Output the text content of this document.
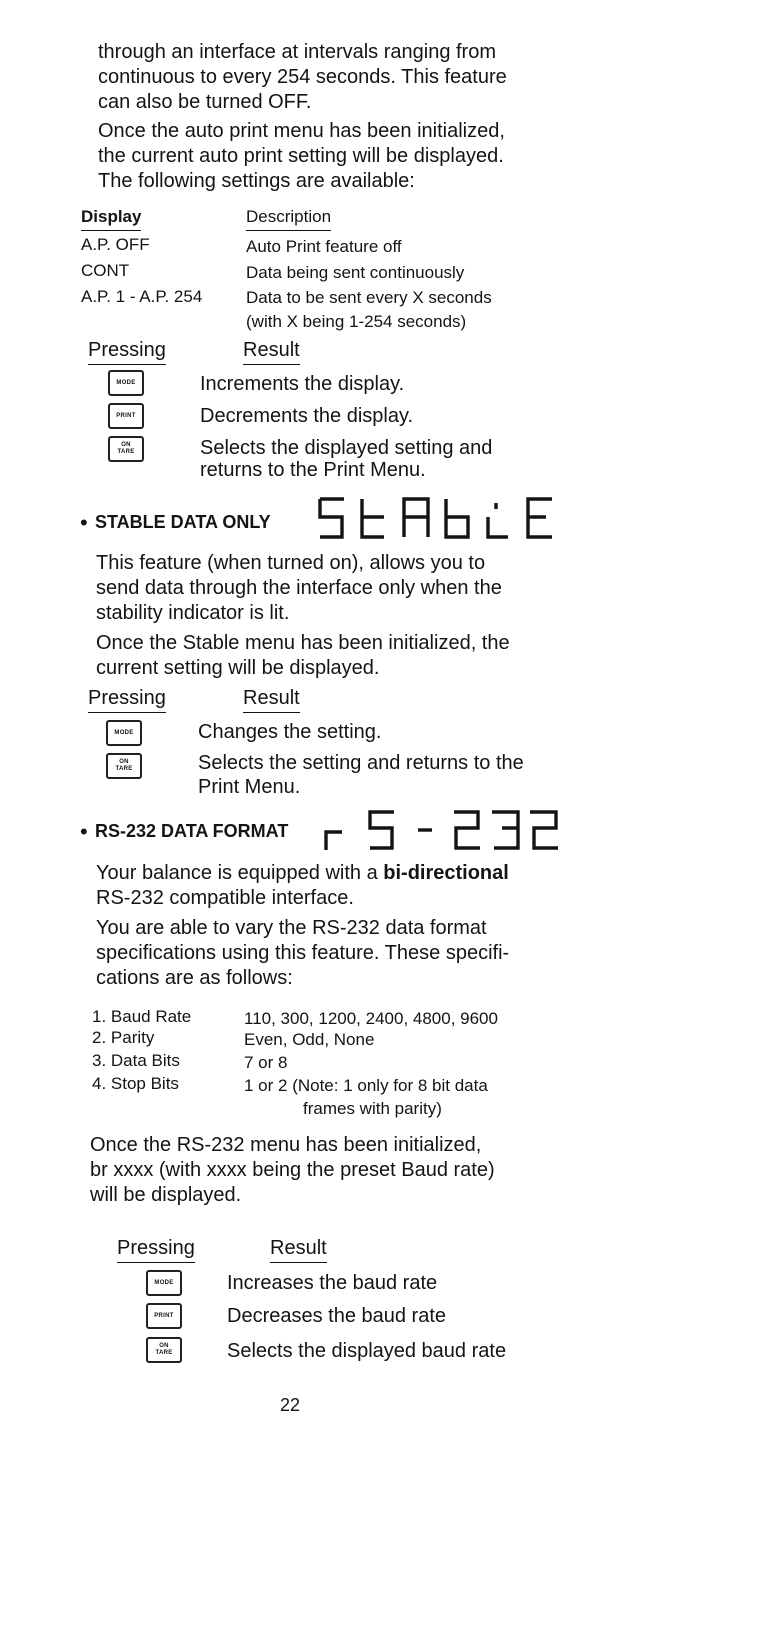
through an interface at intervals ranging from
continuous to every 254 seconds. This feature
can also be turned OFF.
Once the auto print menu has been initialized,
the current auto print setting will be displayed.
The following settings are available:
Display	Description
A.P. OFF	Auto Print feature off
CONT	Data being sent continuously
A.P. 1 - A.P. 254	Data to be sent every X seconds
(with X being 1-254 seconds)
Pressing	Result
MODE	Increments the display.
PRINT	Decrements the display.
ON
TARE	Selects the displayed setting and
returns to the Print Menu.
• STABLE DATA ONLY
This feature (when turned on), allows you to
send data through the interface only when the
stability indicator is lit.
Once the Stable menu has been initialized, the
current setting will be displayed.
Pressing	Result
MODE	Changes the setting.
ON
TARE	Selects the setting and returns to the
Print Menu.
• RS-232 DATA FORMAT
Your balance is equipped with a bi-directional
RS-232 compatible interface.
You are able to vary the RS-232 data format
specifications using this feature. These specifi-
cations are as follows:
1. Baud Rate	110, 300, 1200, 2400, 4800, 9600
2. Parity	Even, Odd, None
3. Data Bits	7 or 8
4. Stop Bits	1 or 2 (Note: 1 only for 8 bit data
frames with parity)
Once the RS-232 menu has been initialized,
br xxxx (with xxxx being the preset Baud rate)
will be displayed.
Pressing	Result
MODE	Increases the baud rate
PRINT	Decreases the baud rate
ON
TARE	Selects the displayed baud rate
22
